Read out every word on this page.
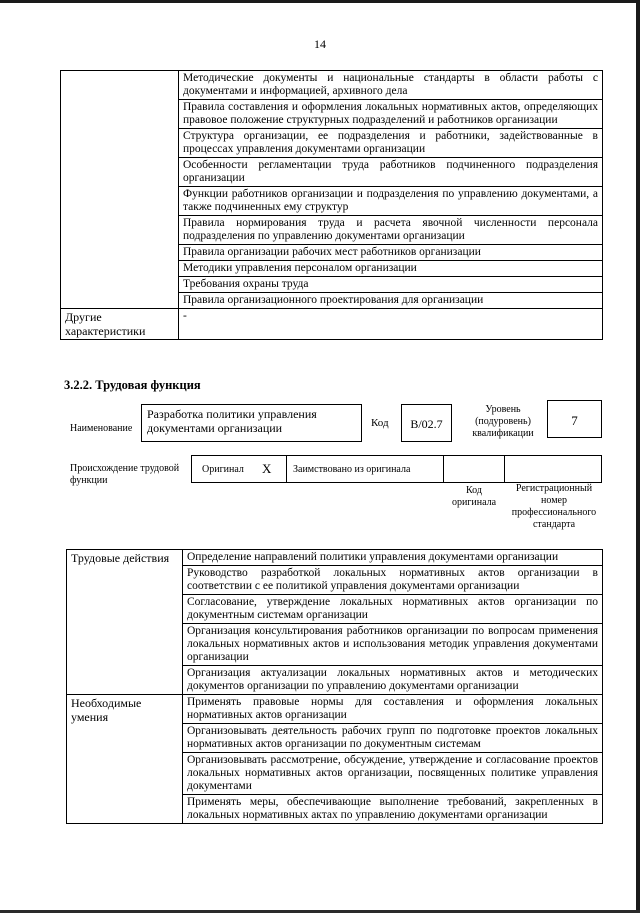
14
	Методические документы и национальные стандарты в области работы с документами и информацией, архивного дела
	Правила составления и оформления локальных нормативных актов, определяющих правовое положение структурных подразделений и работников организации
	Структура организации, ее подразделения и работники, задействованные в процессах управления документами организации
	Особенности регламентации труда работников подчиненного подразделения организации
	Функции работников организации и подразделения по управлению документами, а также подчиненных ему структур
	Правила нормирования труда и расчета явочной численности персонала подразделения по управлению документами организации
	Правила организации рабочих мест работников организации
	Методики управления персоналом организации
	Требования охраны труда
	Правила организационного проектирования для организации
Другие характеристики	-
3.2.2. Трудовая функция
Наименование
Разработка политики управления документами организации	Код	В/02.7
Уровень (подуровень) квалификации
7
Происхождение трудовой функции
Оригинал Х Заимствовано из оригинала
Код оригинала
Регистрационный номер профессионального стандарта
Трудовые действия	Определение направлений политики управления документами организации
	Руководство разработкой локальных нормативных актов организации в соответствии с ее политикой управления документами организации
	Согласование, утверждение локальных нормативных актов организации по документным системам организации
	Организация консультирования работников организации по вопросам применения локальных нормативных актов и использования методик управления документами организации
	Организация актуализации локальных нормативных актов и методических документов организации по управлению документами организации
Необходимые умения	Применять правовые нормы для составления и оформления локальных нормативных актов организации
	Организовывать деятельность рабочих групп по подготовке проектов локальных нормативных актов организации по документным системам
	Организовывать рассмотрение, обсуждение, утверждение и согласование проектов локальных нормативных актов организации, посвященных политике управления документами
	Применять меры, обеспечивающие выполнение требований, закрепленных в локальных нормативных актах по управлению документами организации
